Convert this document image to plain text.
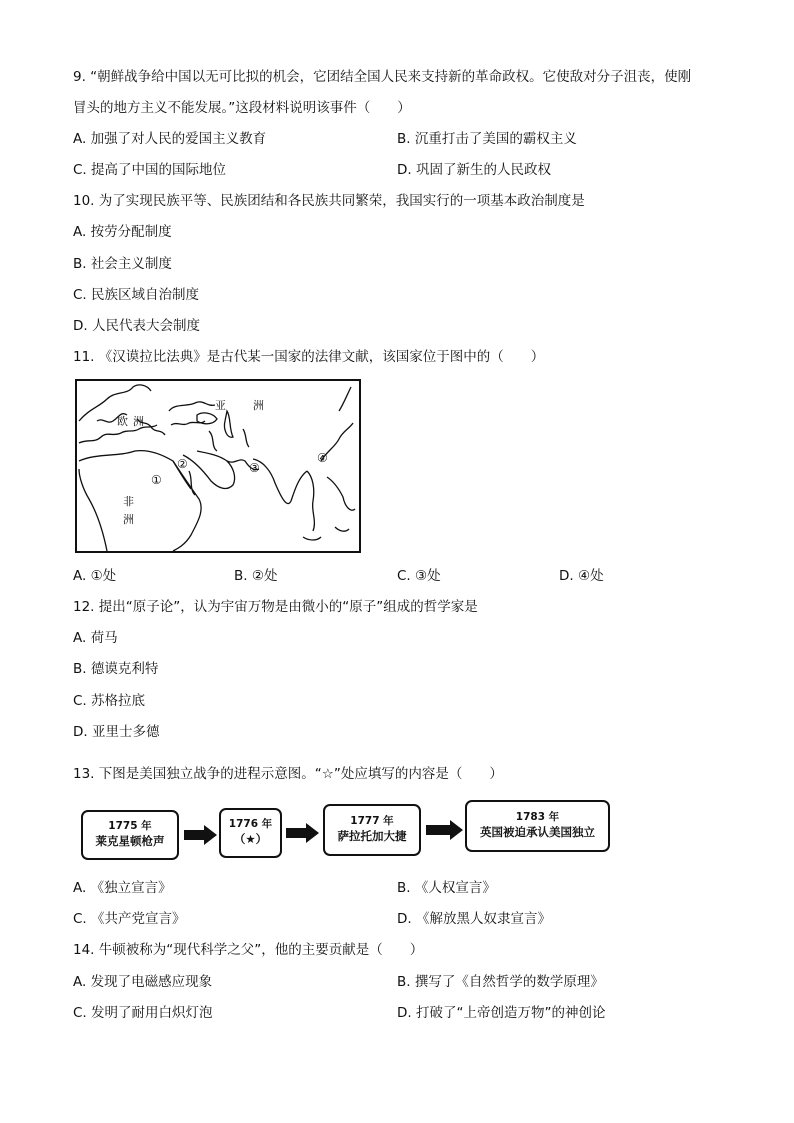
9. “朝鲜战争给中国以无可比拟的机会，它团结全国人民来支持新的革命政权。它使敌对分子沮丧，使刚
冒头的地方主义不能发展。”这段材料说明该事件（　　）
A. 加强了对人民的爱国主义教育	B. 沉重打击了美国的霸权主义
C. 提高了中国的国际地位	D. 巩固了新生的人民政权
10. 为了实现民族平等、民族团结和各民族共同繁荣，我国实行的一项基本政治制度是
A. 按劳分配制度
B. 社会主义制度
C. 民族区域自治制度
D. 人民代表大会制度
11. 《汉谟拉比法典》是古代某一国家的法律文献，该国家位于图中的（　　）
亚 洲
欧 洲
非
洲
①
②	③
④
A. ①处	B. ②处	C. ③处	D. ④处
12. 提出“原子论”，认为宇宙万物是由微小的“原子”组成的哲学家是
A. 荷马
B. 德谟克利特
C. 苏格拉底
D. 亚里士多德
13. 下图是美国独立战争的进程示意图。“☆”处应填写的内容是（　　）
1775 年
莱克星顿枪声
1776 年
（★）
1777 年
萨拉托加大捷
1783 年
英国被迫承认美国独立
A. 《独立宣言》	B. 《人权宣言》
C. 《共产党宣言》	D. 《解放黑人奴隶宣言》
14. 牛顿被称为“现代科学之父”，他的主要贡献是（　　）
A. 发现了电磁感应现象	B. 撰写了《自然哲学的数学原理》
C. 发明了耐用白炽灯泡	D. 打破了“上帝创造万物”的神创论
